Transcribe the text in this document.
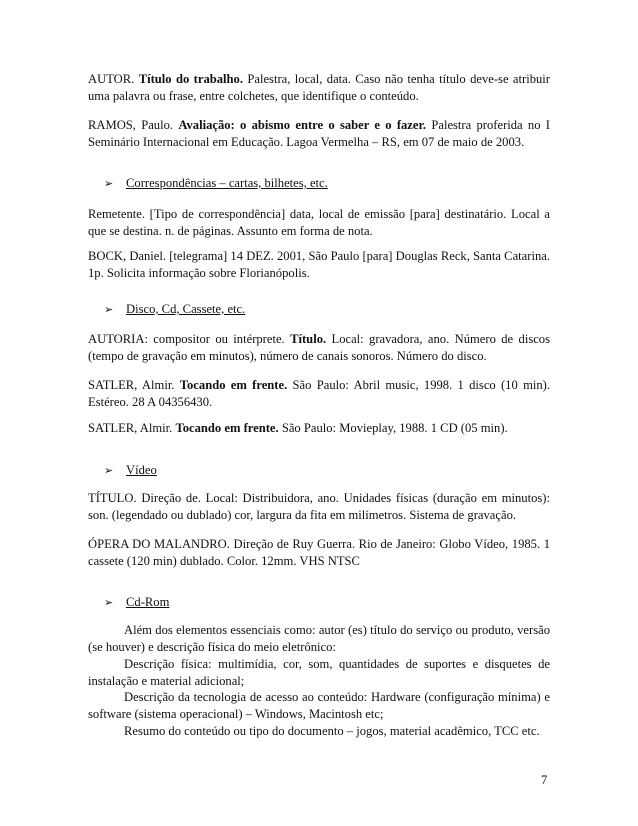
AUTOR. Título do trabalho. Palestra, local, data. Caso não tenha título deve-se atribuir uma palavra ou frase, entre colchetes, que identifique o conteúdo.

RAMOS, Paulo. Avaliação: o abismo entre o saber e o fazer. Palestra proferida no I Seminário Internacional em Educação. Lagoa Vermelha – RS, em 07 de maio de 2003.

➢ Correspondências – cartas, bilhetes, etc.

Remetente. [Tipo de correspondência] data, local de emissão [para] destinatário. Local a que se destina. n. de páginas. Assunto em forma de nota.

BOCK, Daniel. [telegrama] 14 DEZ. 2001, São Paulo [para] Douglas Reck, Santa Catarina. 1p. Solicita informação sobre Florianópolis.

➢ Disco, Cd, Cassete, etc.

AUTORIA: compositor ou intérprete. Título. Local: gravadora, ano. Número de discos (tempo de gravação em minutos), número de canais sonoros. Número do disco.

SATLER, Almir. Tocando em frente. São Paulo: Abril music, 1998. 1 disco (10 min). Estéreo. 28 A 04356430.

SATLER, Almir. Tocando em frente. São Paulo: Movieplay, 1988. 1 CD (05 min).

➢ Vídeo

TÍTULO. Direção de. Local: Distribuidora, ano. Unidades físicas (duração em minutos): son. (legendado ou dublado) cor, largura da fita em milímetros. Sistema de gravação.

ÓPERA DO MALANDRO. Direção de Ruy Guerra. Rio de Janeiro: Globo Vídeo, 1985. 1 cassete (120 min) dublado. Color. 12mm. VHS NTSC

➢ Cd-Rom

Além dos elementos essenciais como: autor (es) título do serviço ou produto, versão (se houver) e descrição física do meio eletrônico:

Descrição física: multimídia, cor, som, quantidades de suportes e disquetes de instalação e material adicional;

Descrição da tecnologia de acesso ao conteúdo: Hardware (configuração mínima) e software (sistema operacional) – Windows, Macintosh etc;

Resumo do conteúdo ou tipo do documento – jogos, material acadêmico, TCC etc.

7
